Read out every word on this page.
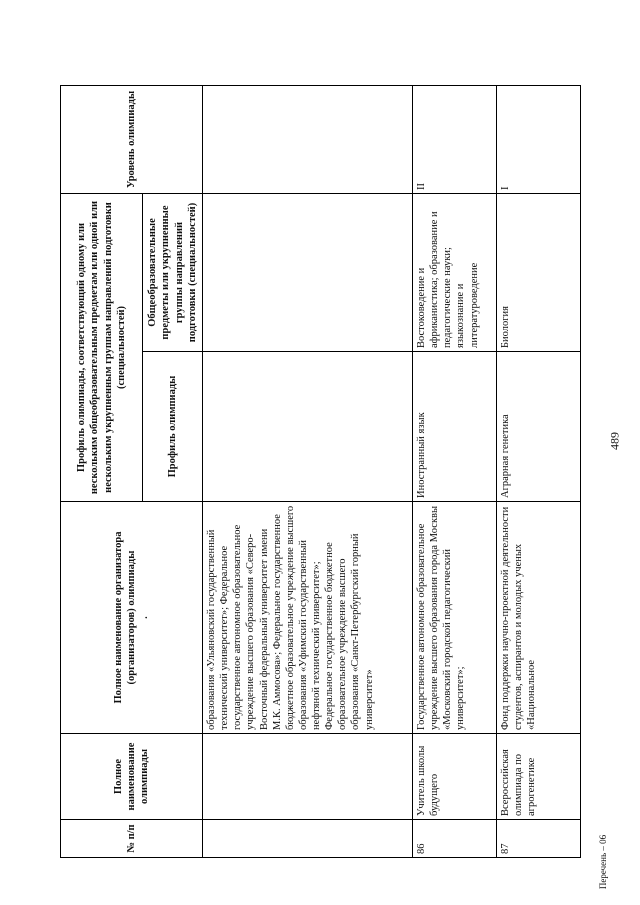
489
Перечень – 06
№ п/п	Полное наименование олимпиады	Полное наименование организатора (организаторов) олимпиады .	Профиль олимпиады, соответствующий одному или нескольким общеобразовательным предметам или одной или нескольким укрупненным группам направлений подготовки (специальностей)		Уровень олимпиады
			Профиль олимпиады	Общеобразовательные предметы или укрупненные группы направлений подготовки (специальностей)	
		образования «Ульяновский государственный технический университет»; Федеральное государственное автономное образовательное учреждение высшего образования «Северо-Восточный федеральный университет имени М.К. Аммосова»; Федеральное государственное бюджетное образовательное учреждение высшего образования «Уфимский государственный нефтяной технический университет»; Федеральное государственное бюджетное образовательное учреждение высшего образования «Санкт-Петербургский горный университет»			
86	Учитель школы будущего	Государственное автономное образовательное учреждение высшего образования города Москвы «Московский городской педагогический университет»;	Иностранный язык	Востоковедение и африканистика; образование и педагогические науки; языкознание и литературоведение	II
87	Всероссийская олимпиада по агрогенетике	Фонд поддержки научно-проектной деятельности студентов, аспирантов и молодых ученых «Национальное	Аграрная генетика	Биология	I
